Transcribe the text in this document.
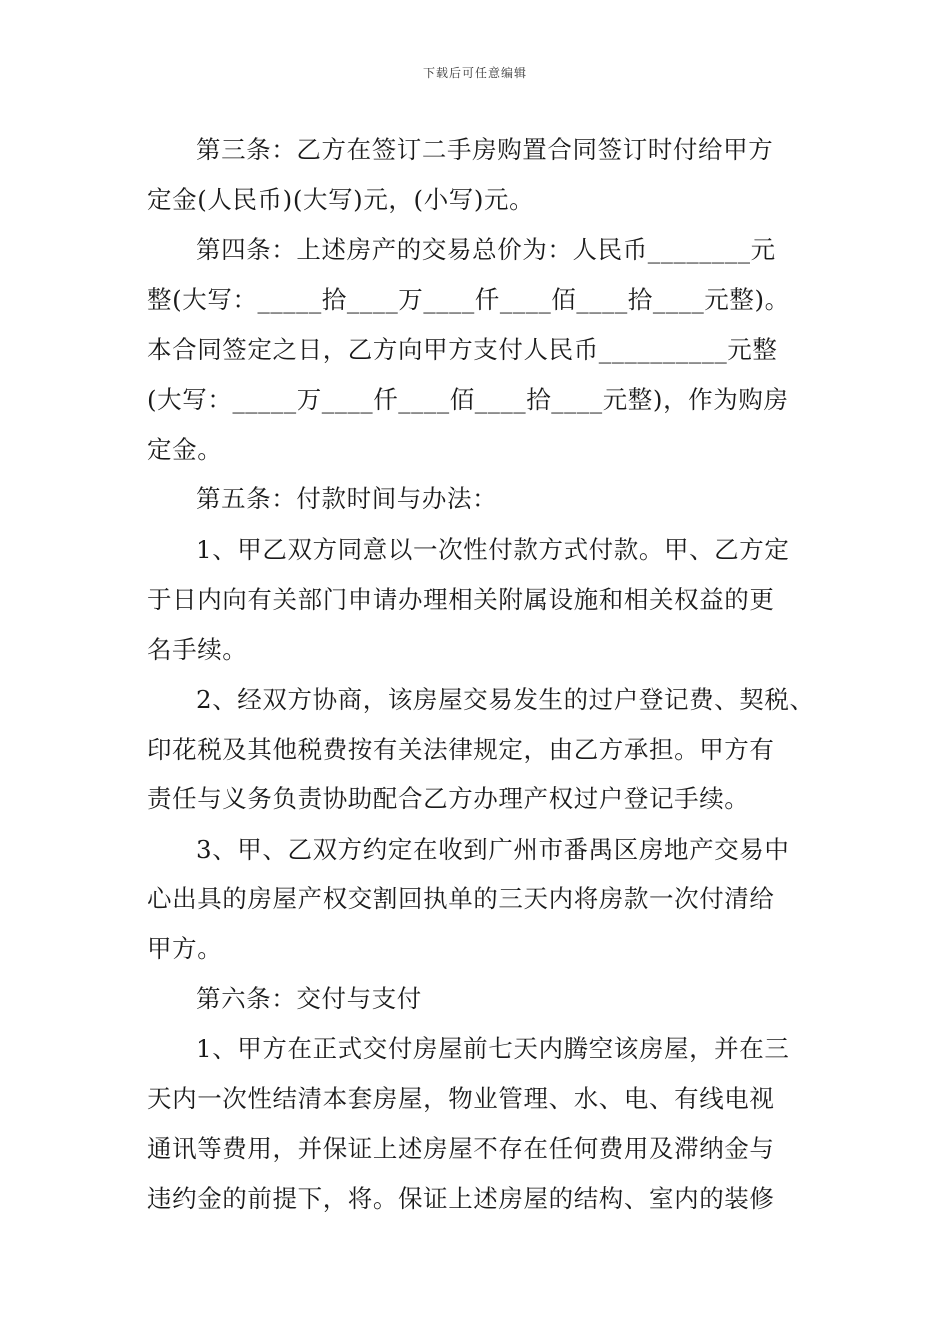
下载后可任意编辑
第三条：乙方在签订二手房购置合同签订时付给甲方
定金(人民币)(大写)元，(小写)元。
第四条：上述房产的交易总价为：人民币________元
整(大写：_____拾____万____仟____佰____拾____元整)。
本合同签定之日，乙方向甲方支付人民币__________元整
(大写：_____万____仟____佰____拾____元整)，作为购房
定金。
第五条：付款时间与办法：
1、甲乙双方同意以一次性付款方式付款。甲、乙方定
于日内向有关部门申请办理相关附属设施和相关权益的更
名手续。
2、经双方协商，该房屋交易发生的过户登记费、契税、
印花税及其他税费按有关法律规定，由乙方承担。甲方有
责任与义务负责协助配合乙方办理产权过户登记手续。
3、甲、乙双方约定在收到广州市番禺区房地产交易中
心出具的房屋产权交割回执单的三天内将房款一次付清给
甲方。
第六条：交付与支付
1、甲方在正式交付房屋前七天内腾空该房屋，并在三
天内一次性结清本套房屋，物业管理、水、电、有线电视
通讯等费用，并保证上述房屋不存在任何费用及滞纳金与
违约金的前提下，将。保证上述房屋的结构、室内的装修
